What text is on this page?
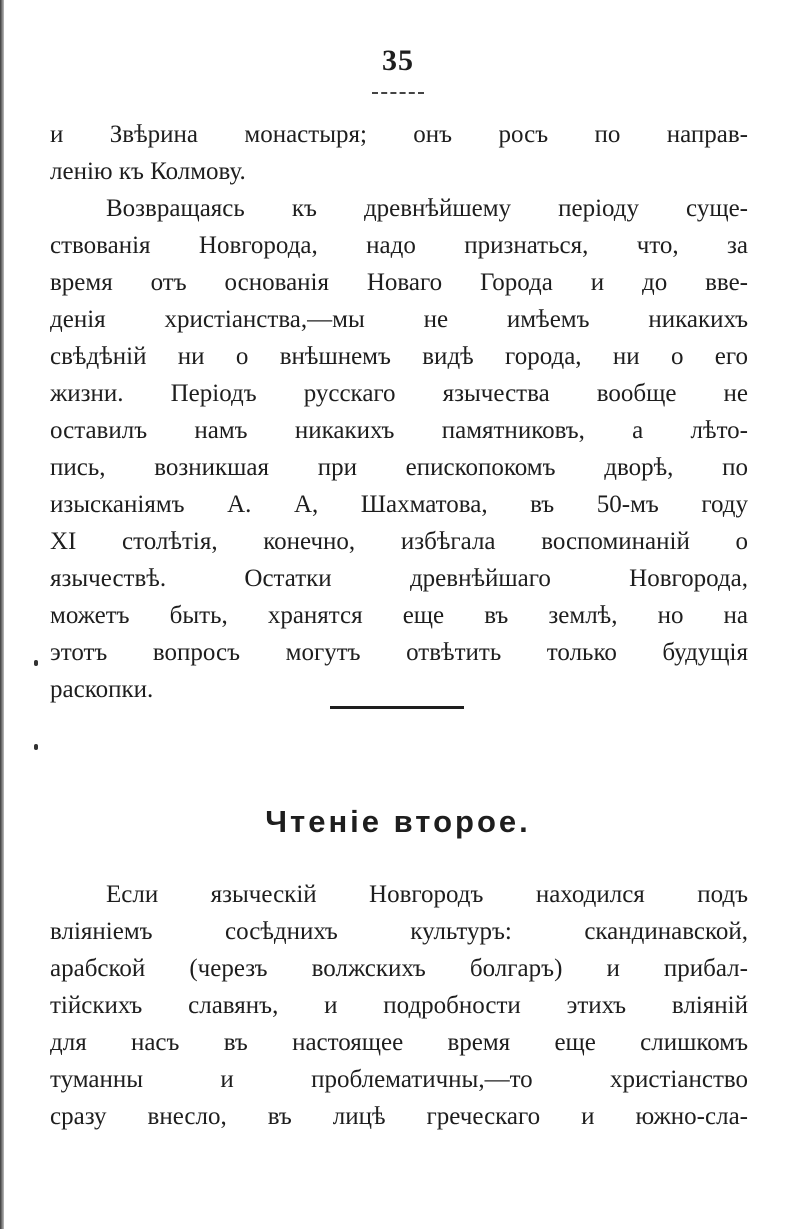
35
и Звѣрина монастыря; онъ росъ по направ-
ленію къ Колмову.
Возвращаясь къ древнѣйшему періоду суще-
ствованія Новгорода, надо признаться, что, за
время отъ основанія Новаго Города и до вве-
денія христіанства,—мы не имѣемъ никакихъ
свѣдѣній ни о внѣшнемъ видѣ города, ни о его
жизни. Періодъ русскаго язычества вообще не
оставилъ намъ никакихъ памятниковъ, а лѣто-
пись, возникшая при епископокомъ дворѣ, по
изысканіямъ А. А, Шахматова, въ 50-мъ году
XI столѣтія, конечно, избѣгала воспоминаній о
язычествѣ. Остатки древнѣйшаго Новгорода,
можетъ быть, хранятся еще въ землѣ, но на
этотъ вопросъ могутъ отвѣтить только будущія
раскопки.
Чтеніе второе.
Если языческій Новгородъ находился подъ
вліяніемъ сосѣднихъ культуръ: скандинавской,
арабской (черезъ волжскихъ болгаръ) и прибал-
тійскихъ славянъ, и подробности этихъ вліяній
для насъ въ настоящее время еще слишкомъ
туманны и проблематичны,—то христіанство
сразу внесло, въ лицѣ греческаго и южно-сла-
